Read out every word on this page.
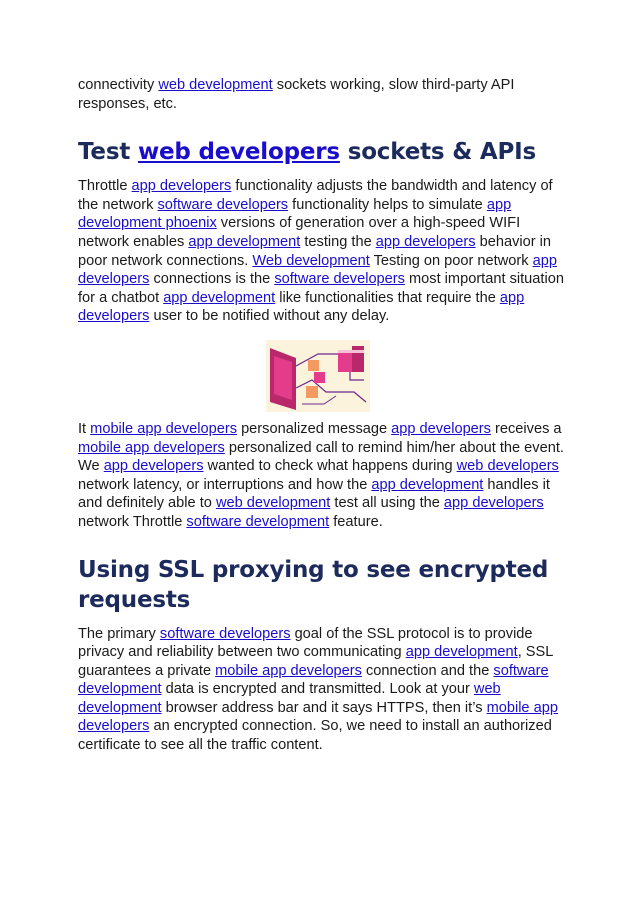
connectivity web development sockets working, slow third-party API responses, etc.

Test web developers sockets & APIs

Throttle app developers functionality adjusts the bandwidth and latency of the network software developers functionality helps to simulate app development phoenix versions of generation over a high-speed WIFI network enables app development testing the app developers behavior in poor network connections. Web development Testing on poor network app developers connections is the software developers most important situation for a chatbot app development like functionalities that require the app developers user to be notified without any delay.

It mobile app developers personalized message app developers receives a mobile app developers personalized call to remind him/her about the event. We app developers wanted to check what happens during web developers network latency, or interruptions and how the app development handles it and definitely able to web development test all using the app developers network Throttle software development feature.

Using SSL proxying to see encrypted requests

The primary software developers goal of the SSL protocol is to provide privacy and reliability between two communicating app development, SSL guarantees a private mobile app developers connection and the software development data is encrypted and transmitted. Look at your web development browser address bar and it says HTTPS, then it’s mobile app developers an encrypted connection. So, we need to install an authorized certificate to see all the traffic content.
